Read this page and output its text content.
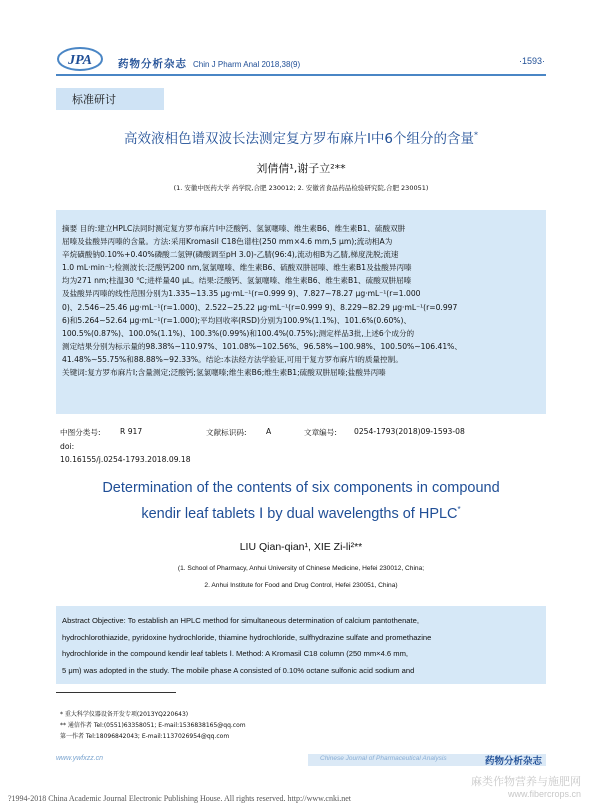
JPA 药物分析杂志 Chin J Pharm Anal 2018,38(9)	·1593·
标准研讨
高效液相色谱双波长法测定复方罗布麻片Ⅰ中6个组分的含量*
刘倩倩¹,谢子立²**
(1. 安徽中医药大学 药学院,合肥 230012; 2. 安徽省食品药品检验研究院,合肥 230051)

摘要 目的:建立HPLC法同时测定复方罗布麻片Ⅰ中泛酸钙、氢氯噻嗪、维生素B6、维生素B1、硫酸双肼

屈嗪及盐酸异丙嗪的含量。方法:采用Kromasil C18色谱柱(250 mm×4.6 mm,5 μm);流动相A为

辛烷磺酸钠0.10%+0.40%磷酸二氢钾(磷酸调至pH 3.0)-乙腈(96:4),流动相B为乙腈,梯度洗脱;流速

1.0 mL·min⁻¹;检测波长:泛酸钙200 nm,氢氯噻嗪、维生素B6、硫酸双肼屈嗪、维生素B1及盐酸异丙嗪

均为271 nm;柱温30 ℃;进样量40 μL。结果:泛酸钙、氢氯噻嗪、维生素B6、维生素B1、硫酸双肼屈嗪

及盐酸异丙嗪的线性范围分别为1.335~13.35 μg·mL⁻¹(r=0.999 9)、7.827~78.27 μg·mL⁻¹(r=1.000

0)、2.546~25.46 μg·mL⁻¹(r=1.000)、2.522~25.22 μg·mL⁻¹(r=0.999 9)、8.229~82.29 μg·mL⁻¹(r=0.997

6)和5.264~52.64 μg·mL⁻¹(r=1.000);平均回收率(RSD)分别为100.9%(1.1%)、101.6%(0.60%)、

100.5%(0.87%)、100.0%(1.1%)、100.3%(0.99%)和100.4%(0.75%);测定样品3批,上述6个成分的

测定结果分别为标示量的98.38%~110.97%、101.08%~102.56%、96.58%~100.98%、100.50%~106.41%、

41.48%~55.75%和88.88%~92.33%。结论:本法经方法学验证,可用于复方罗布麻片Ⅰ的质量控制。

关键词:复方罗布麻片Ⅰ;含量测定;泛酸钙;氢氯噻嗪;维生素B6;维生素B1;硫酸双肼屈嗪;盐酸异丙嗪

中图分类号:	R 917	文献标识码:	A	文章编号: 0254-1793(2018)09-1593-08
doi:
10.16155/j.0254-1793.2018.09.18
Determination of the contents of six components in compound
kendir leaf tablets Ⅰ by dual wavelengths of HPLC*
LIU Qian-qian¹, XIE Zi-li²**
(1. School of Pharmacy, Anhui University of Chinese Medicine, Hefei 230012, China;
2. Anhui Institute for Food and Drug Control, Hefei 230051, China)

Abstract Objective: To establish an HPLC method for simultaneous determination of calcium pantothenate,

hydrochlorothiazide, pyridoxine hydrochloride, thiamine hydrochloride, sulfhydrazine sulfate and promethazine

hydrochloride in the compound kendir leaf tablets Ⅰ. Method: A Kromasil C18 column (250 mm×4.6 mm,

5 μm) was adopted in the study. The mobile phase A consisted of 0.10% octane sulfonic acid sodium and

* 重大科学仪器设备开发专项(2013YQ220643)
** 通信作者 Tel:(0551)63358051; E-mail:1536838165@qq.com
第一作者 Tel:18096842043; E-mail:1137026954@qq.com
www.ywfxzz.cn	Chinese Journal of Pharmaceutical Analysis	药物分析杂志
麻类作物营养与施肥网
www.fibercrops.cn
?1994-2018 China Academic Journal Electronic Publishing House. All rights reserved. http://www.cnki.net
